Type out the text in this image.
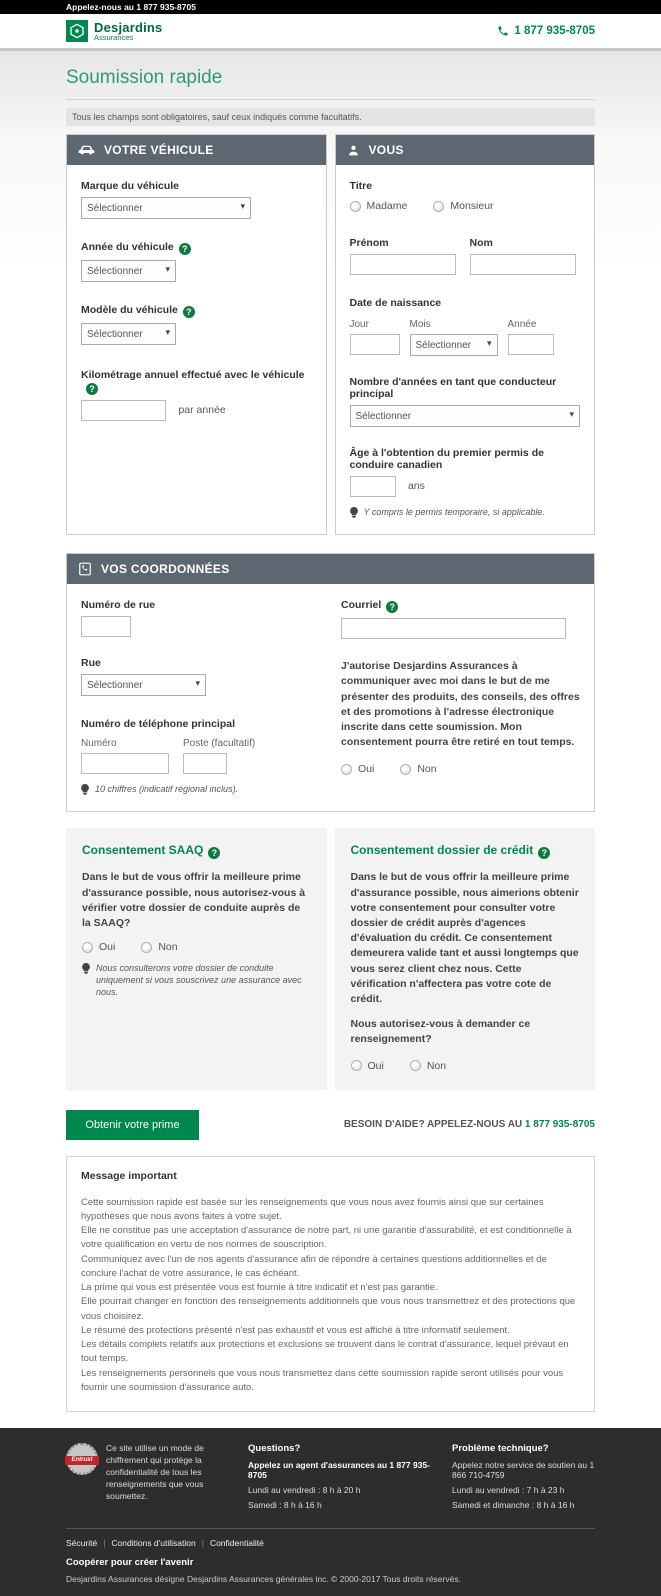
Appelez-nous au 1 877 935-8705
Desjardins
Assurances	1 877 935-8705
Soumission rapide
Tous les champs sont obligatoires, sauf ceux indiqués comme facultatifs.
VOTRE VÉHICULE
Marque du véhicule
Sélectionner
▾
Année du véhicule ?
Sélectionner
▾
Modèle du véhicule ?
Sélectionner
▾
Kilométrage annuel effectué avec le véhicule?
par année
VOUS
Titre
Madame	Monsieur
Prénom	Nom
Date de naissance
Jour	Mois
Sélectionner
▾
Année
Nombre d'années en tant que conducteur principal
Sélectionner
▾
Âge à l'obtention du premier permis de conduire canadien
ans
Y compris le permis temporaire, si applicable.
VOS COORDONNÉES
Numéro de rue
Rue
Sélectionner
▾
Numéro de téléphone principal
Numéro	Poste (facultatif)
10 chiffres (indicatif régional inclus).
Courriel ?

J'autorise Desjardins Assurances à communiquer avec moi dans le but de me présenter des produits, des conseils, des offres et des promotions à l'adresse électronique inscrite dans cette soumission. Mon consentement pourra être retiré en tout temps.

Oui	Non
Consentement SAAQ ?

Dans le but de vous offrir la meilleure prime d'assurance possible, nous autorisez-vous à vérifier votre dossier de conduite auprès de la SAAQ?

Oui	Non
Nous consulterons votre dossier de conduite uniquement si vous souscrivez une assurance avec nous.
Consentement dossier de crédit ?

Dans le but de vous offrir la meilleure prime d'assurance possible, nous aimerions obtenir votre consentement pour consulter votre dossier de crédit auprès d'agences d'évaluation du crédit. Ce consentement demeurera valide tant et aussi longtemps que vous serez client chez nous. Cette vérification n'affectera pas votre cote de crédit.

Nous autorisez-vous à demander ce renseignement?

Oui	Non
Obtenir votre prime	BESOIN D'AIDE? APPELEZ-NOUS AU 1 877 935-8705
Message important
Cette soumission rapide est basée sur les renseignements que vous nous avez fournis ainsi que sur certaines hypothèses que nous avons faites à votre sujet.
Elle ne constitue pas une acceptation d'assurance de notre part, ni une garantie d'assurabilité, et est conditionnelle à votre qualification en vertu de nos normes de souscription.
Communiquez avec l'un de nos agents d'assurance afin de répondre à certaines questions additionnelles et de conclure l'achat de votre assurance, le cas échéant.
La prime qui vous est présentée vous est fournie à titre indicatif et n'est pas garantie.
Elle pourrait changer en fonction des renseignements additionnels que vous nous transmettrez et des protections que vous choisirez.
Le résumé des protections présenté n'est pas exhaustif et vous est affiché à titre informatif seulement.
Les détails complets relatifs aux protections et exclusions se trouvent dans le contrat d'assurance, lequel prévaut en tout temps.
Les renseignements personnels que vous nous transmettez dans cette soumission rapide seront utilisés pour vous fournir une soumission d'assurance auto.
Entrust
Ce site utilise un mode de chiffrement qui protège la confidentialité de tous les renseignements que vous soumettez.
Questions?
Appelez un agent d'assurances au 1 877 935-8705
Lundi au vendredi : 8 h à 20 h
Samedi : 8 h à 16 h
Problème technique?
Appelez notre service de soutien au 1 866 710-4759
Lundi au vendredi : 7 h à 23 h
Samedi et dimanche : 8 h à 16 h
Sécurité | Conditions d'utilisation | Confidentialité
Coopérer pour créer l'avenir
Desjardins Assurances désigne Desjardins Assurances générales inc. © 2000-2017 Tous droits réservés.
